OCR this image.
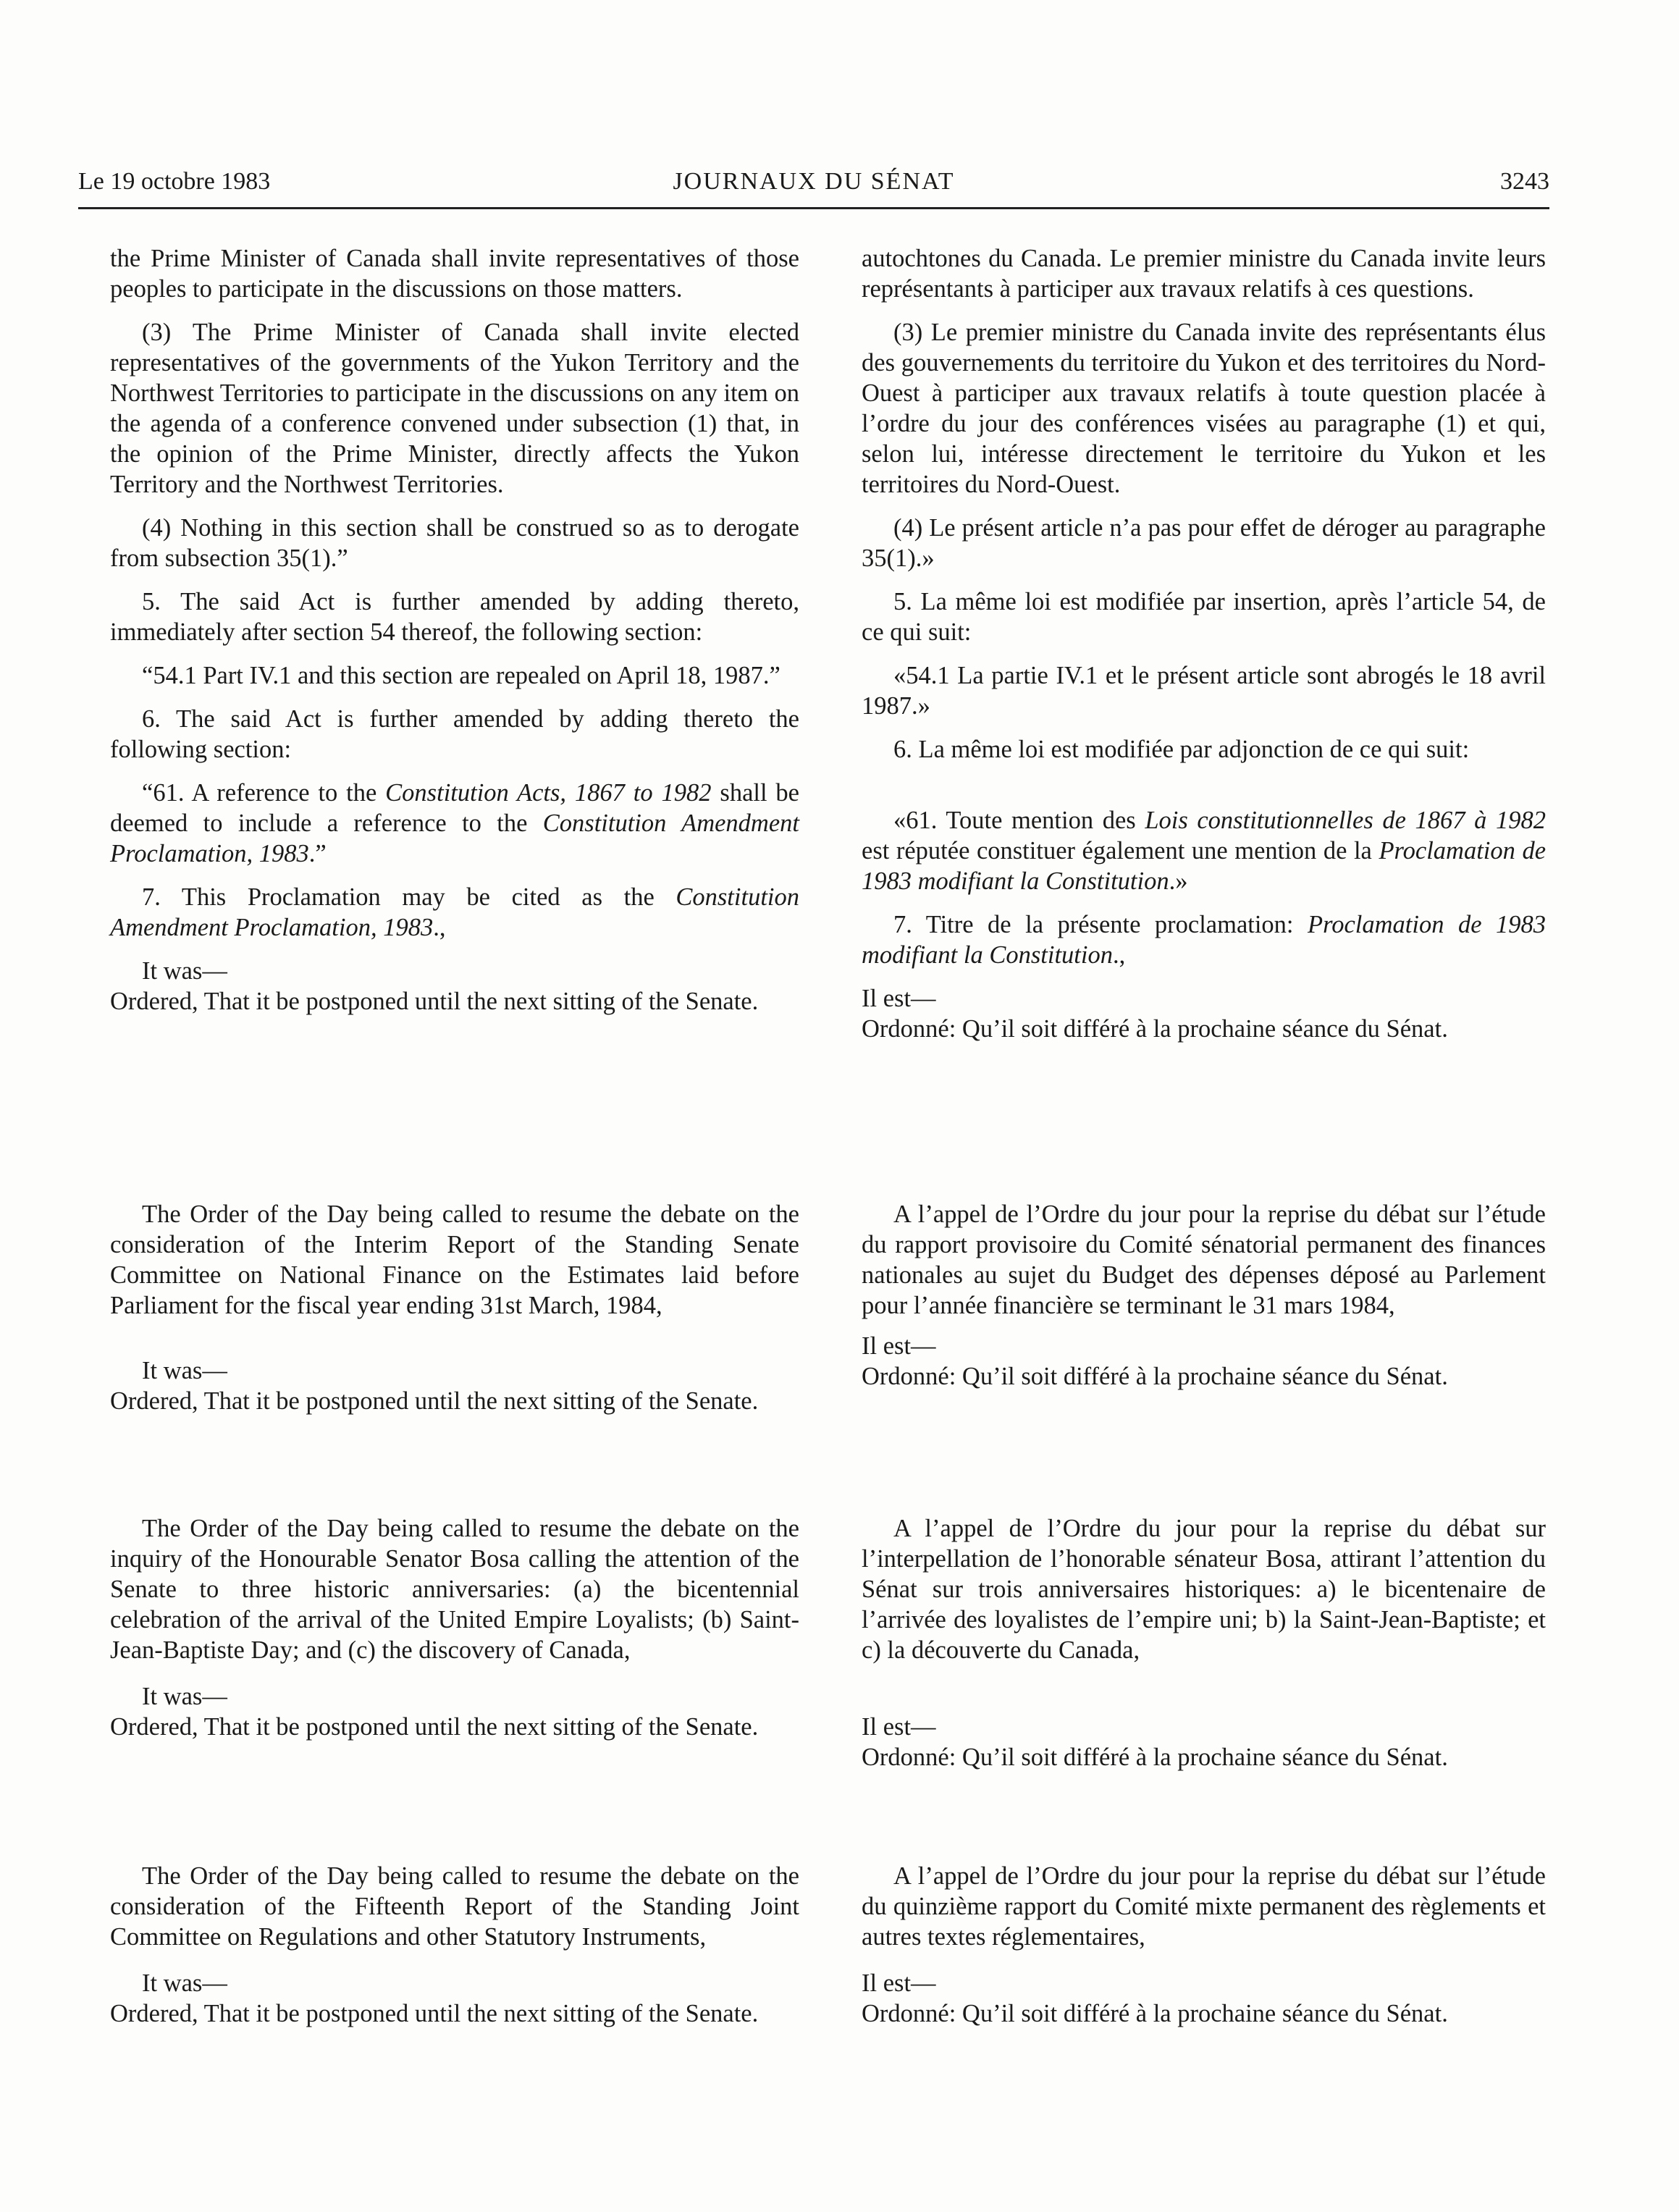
Le 19 octobre 1983	JOURNAUX DU SÉNAT	3243

the Prime Minister of Canada shall invite representatives of those peoples to participate in the discussions on those matters.

(3) The Prime Minister of Canada shall invite elected representatives of the governments of the Yukon Territory and the Northwest Territories to participate in the discussions on any item on the agenda of a conference convened under subsection (1) that, in the opinion of the Prime Minister, directly affects the Yukon Territory and the Northwest Territories.

(4) Nothing in this section shall be construed so as to derogate from subsection 35(1).”

5. The said Act is further amended by adding thereto, immediately after section 54 thereof, the following section:

“54.1 Part IV.1 and this section are repealed on April 18, 1987.”

6. The said Act is further amended by adding thereto the following section:

“61. A reference to the Constitution Acts, 1867 to 1982 shall be deemed to include a reference to the Constitution Amendment Proclamation, 1983.”

7. This Proclamation may be cited as the Constitution Amendment Proclamation, 1983.,

It was—

Ordered, That it be postponed until the next sitting of the Senate.

The Order of the Day being called to resume the debate on the consideration of the Interim Report of the Standing Senate Committee on National Finance on the Estimates laid before Parliament for the fiscal year ending 31st March, 1984,

It was—

Ordered, That it be postponed until the next sitting of the Senate.

The Order of the Day being called to resume the debate on the inquiry of the Honourable Senator Bosa calling the attention of the Senate to three historic anniversaries: (a) the bicentennial celebration of the arrival of the United Empire Loyalists; (b) Saint-Jean-Baptiste Day; and (c) the discovery of Canada,

It was—

Ordered, That it be postponed until the next sitting of the Senate.

The Order of the Day being called to resume the debate on the consideration of the Fifteenth Report of the Standing Joint Committee on Regulations and other Statutory Instruments,

It was—

Ordered, That it be postponed until the next sitting of the Senate.

autochtones du Canada. Le premier ministre du Canada invite leurs représentants à participer aux travaux relatifs à ces questions.

(3) Le premier ministre du Canada invite des représentants élus des gouvernements du territoire du Yukon et des territoires du Nord-Ouest à participer aux travaux relatifs à toute question placée à l’ordre du jour des conférences visées au paragraphe (1) et qui, selon lui, intéresse directement le territoire du Yukon et les territoires du Nord-Ouest.

(4) Le présent article n’a pas pour effet de déroger au paragraphe 35(1).»

5. La même loi est modifiée par insertion, après l’article 54, de ce qui suit:

«54.1 La partie IV.1 et le présent article sont abrogés le 18 avril 1987.»

6. La même loi est modifiée par adjonction de ce qui suit:

«61. Toute mention des Lois constitutionnelles de 1867 à 1982 est réputée constituer également une mention de la Proclamation de 1983 modifiant la Constitution.»

7. Titre de la présente proclamation: Proclamation de 1983 modifiant la Constitution.,

Il est—

Ordonné: Qu’il soit différé à la prochaine séance du Sénat.

A l’appel de l’Ordre du jour pour la reprise du débat sur l’étude du rapport provisoire du Comité sénatorial permanent des finances nationales au sujet du Budget des dépenses déposé au Parlement pour l’année financière se terminant le 31 mars 1984,

Il est—

Ordonné: Qu’il soit différé à la prochaine séance du Sénat.

A l’appel de l’Ordre du jour pour la reprise du débat sur l’interpellation de l’honorable sénateur Bosa, attirant l’attention du Sénat sur trois anniversaires historiques: a) le bicentenaire de l’arrivée des loyalistes de l’empire uni; b) la Saint-Jean-Baptiste; et c) la découverte du Canada,

Il est—

Ordonné: Qu’il soit différé à la prochaine séance du Sénat.

A l’appel de l’Ordre du jour pour la reprise du débat sur l’étude du quinzième rapport du Comité mixte permanent des règlements et autres textes réglementaires,

Il est—

Ordonné: Qu’il soit différé à la prochaine séance du Sénat.
